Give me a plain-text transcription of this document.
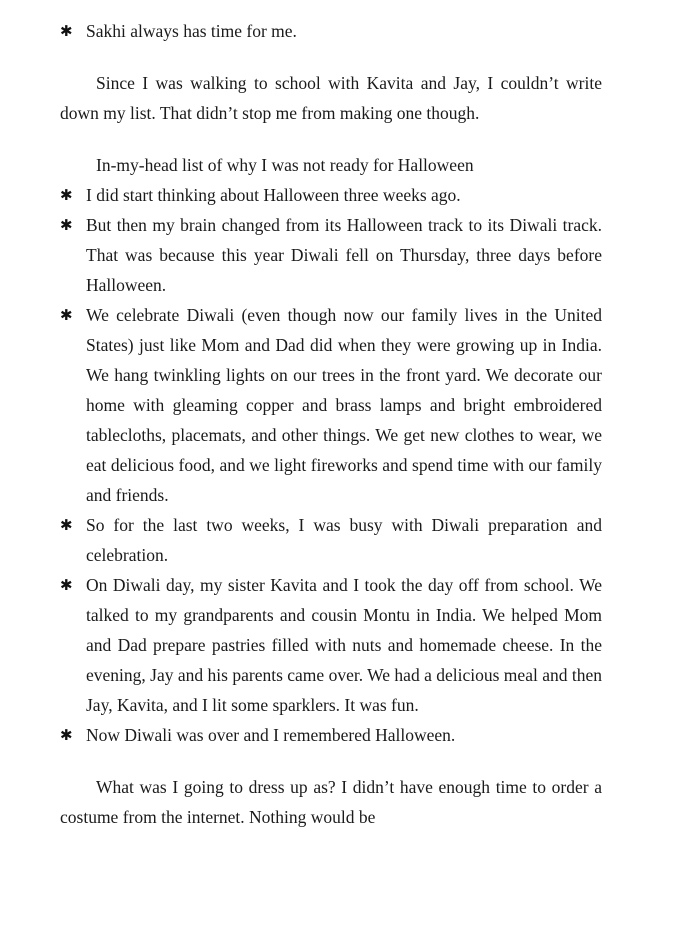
✱ Sakhi always has time for me.

Since I was walking to school with Kavita and Jay, I couldn’t write down my list. That didn’t stop me from making one though.

In-my-head list of why I was not ready for Halloween
✱ I did start thinking about Halloween three weeks ago.
✱ But then my brain changed from its Halloween track to its Diwali track. That was because this year Diwali fell on Thursday, three days before Halloween.
✱ We celebrate Diwali (even though now our family lives in the United States) just like Mom and Dad did when they were growing up in India. We hang twinkling lights on our trees in the front yard. We decorate our home with gleaming copper and brass lamps and bright embroidered tablecloths, placemats, and other things. We get new clothes to wear, we eat delicious food, and we light fireworks and spend time with our family and friends.
✱ So for the last two weeks, I was busy with Diwali preparation and celebration.
✱ On Diwali day, my sister Kavita and I took the day off from school. We talked to my grandparents and cousin Montu in India. We helped Mom and Dad prepare pastries filled with nuts and homemade cheese. In the evening, Jay and his parents came over. We had a delicious meal and then Jay, Kavita, and I lit some sparklers. It was fun.
✱ Now Diwali was over and I remembered Halloween.

What was I going to dress up as? I didn’t have enough time to order a costume from the internet. Nothing would be
